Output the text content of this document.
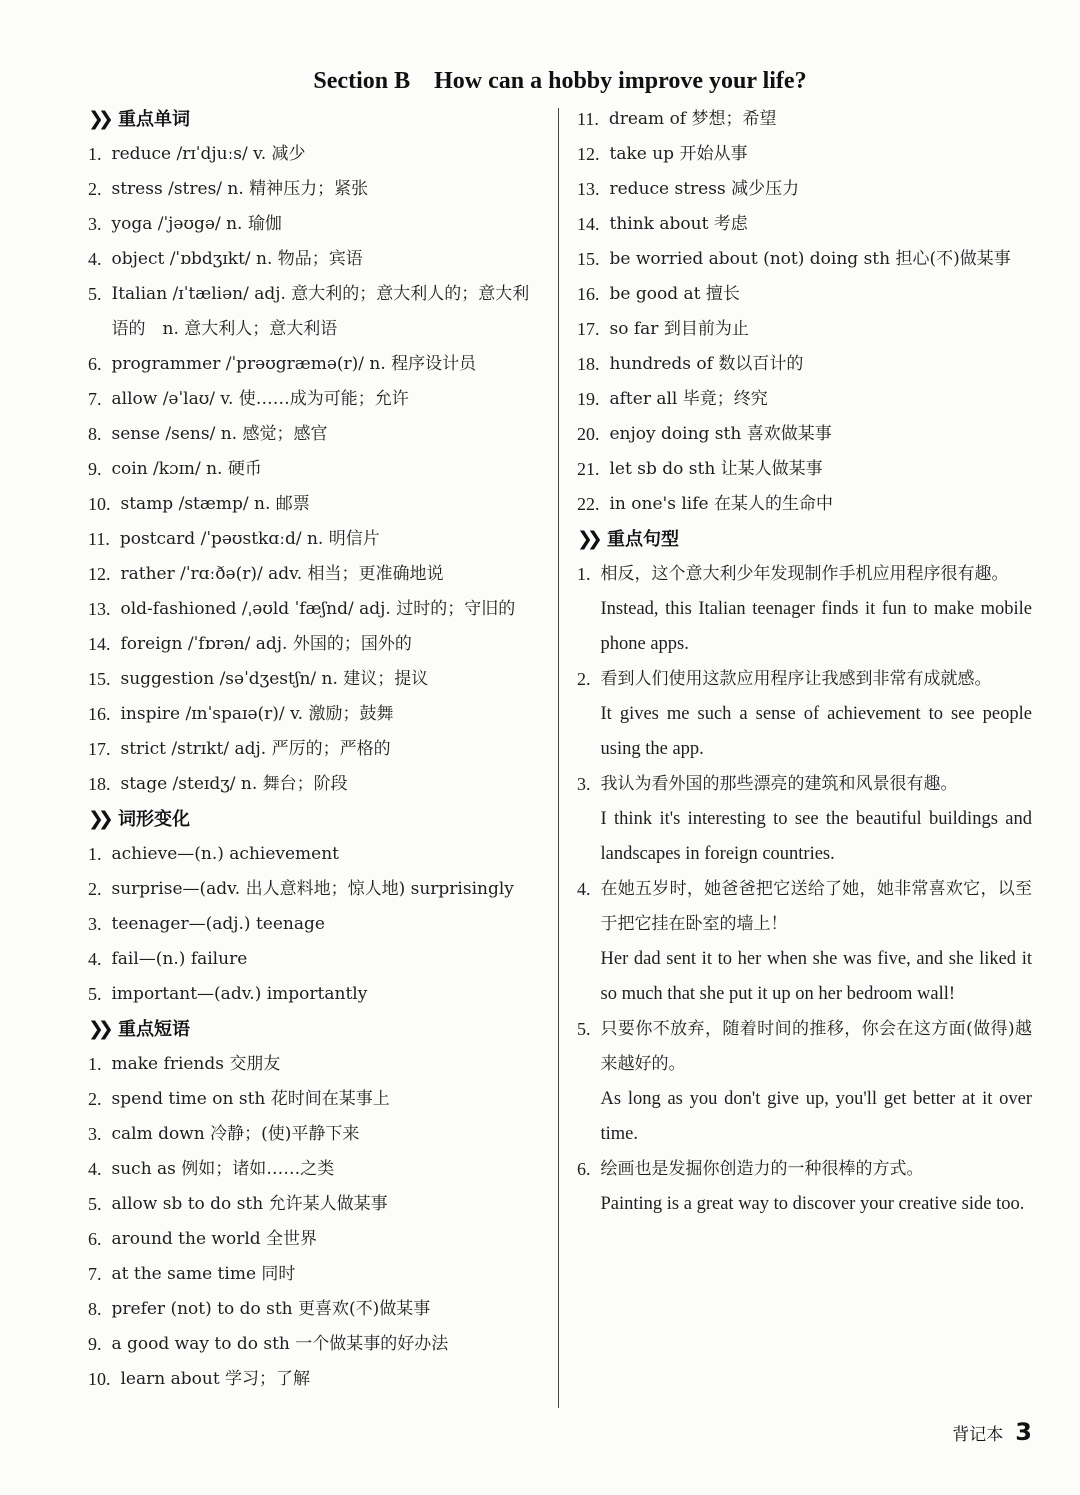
Section B How can a hobby improve your life?
❯❯ 重点单词
1. reduce /rɪˈdjuːs/ v. 减少
2. stress /stres/ n. 精神压力；紧张
3. yoga /ˈjəʊgə/ n. 瑜伽
4. object /ˈɒbdʒɪkt/ n. 物品；宾语
5. Italian /ɪˈtæliən/ adj. 意大利的；意大利人的；意大利语的　n. 意大利人；意大利语
6. programmer /ˈprəʊgræmə(r)/ n. 程序设计员
7. allow /əˈlaʊ/ v. 使……成为可能；允许
8. sense /sens/ n. 感觉；感官
9. coin /kɔɪn/ n. 硬币
10. stamp /stæmp/ n. 邮票
11. postcard /ˈpəʊstkɑːd/ n. 明信片
12. rather /ˈrɑːðə(r)/ adv. 相当；更准确地说
13. old-fashioned /ˌəʊld ˈfæʃnd/ adj. 过时的；守旧的
14. foreign /ˈfɒrən/ adj. 外国的；国外的
15. suggestion /səˈdʒestʃn/ n. 建议；提议
16. inspire /ɪnˈspaɪə(r)/ v. 激励；鼓舞
17. strict /strɪkt/ adj. 严厉的；严格的
18. stage /steɪdʒ/ n. 舞台；阶段
❯❯ 词形变化
1. achieve—(n.) achievement
2. surprise—(adv. 出人意料地；惊人地) surprisingly
3. teenager—(adj.) teenage
4. fail—(n.) failure
5. important—(adv.) importantly
❯❯ 重点短语
1. make friends 交朋友
2. spend time on sth 花时间在某事上
3. calm down 冷静；(使)平静下来
4. such as 例如；诸如……之类
5. allow sb to do sth 允许某人做某事
6. around the world 全世界
7. at the same time 同时
8. prefer (not) to do sth 更喜欢(不)做某事
9. a good way to do sth 一个做某事的好办法
10. learn about 学习；了解
11. dream of 梦想；希望
12. take up 开始从事
13. reduce stress 减少压力
14. think about 考虑
15. be worried about (not) doing sth 担心(不)做某事
16. be good at 擅长
17. so far 到目前为止
18. hundreds of 数以百计的
19. after all 毕竟；终究
20. enjoy doing sth 喜欢做某事
21. let sb do sth 让某人做某事
22. in one's life 在某人的生命中
❯❯ 重点句型
1. 相反，这个意大利少年发现制作手机应用程序很有趣。
Instead, this Italian teenager finds it fun to make mobile phone apps.
2. 看到人们使用这款应用程序让我感到非常有成就感。
It gives me such a sense of achievement to see people using the app.
3. 我认为看外国的那些漂亮的建筑和风景很有趣。
I think it's interesting to see the beautiful buildings and landscapes in foreign countries.
4. 在她五岁时，她爸爸把它送给了她，她非常喜欢它，以至于把它挂在卧室的墙上！
Her dad sent it to her when she was five, and she liked it so much that she put it up on her bedroom wall!
5. 只要你不放弃，随着时间的推移，你会在这方面(做得)越来越好的。
As long as you don't give up, you'll get better at it over time.
6. 绘画也是发掘你创造力的一种很棒的方式。
Painting is a great way to discover your creative side too.
背记本 3
